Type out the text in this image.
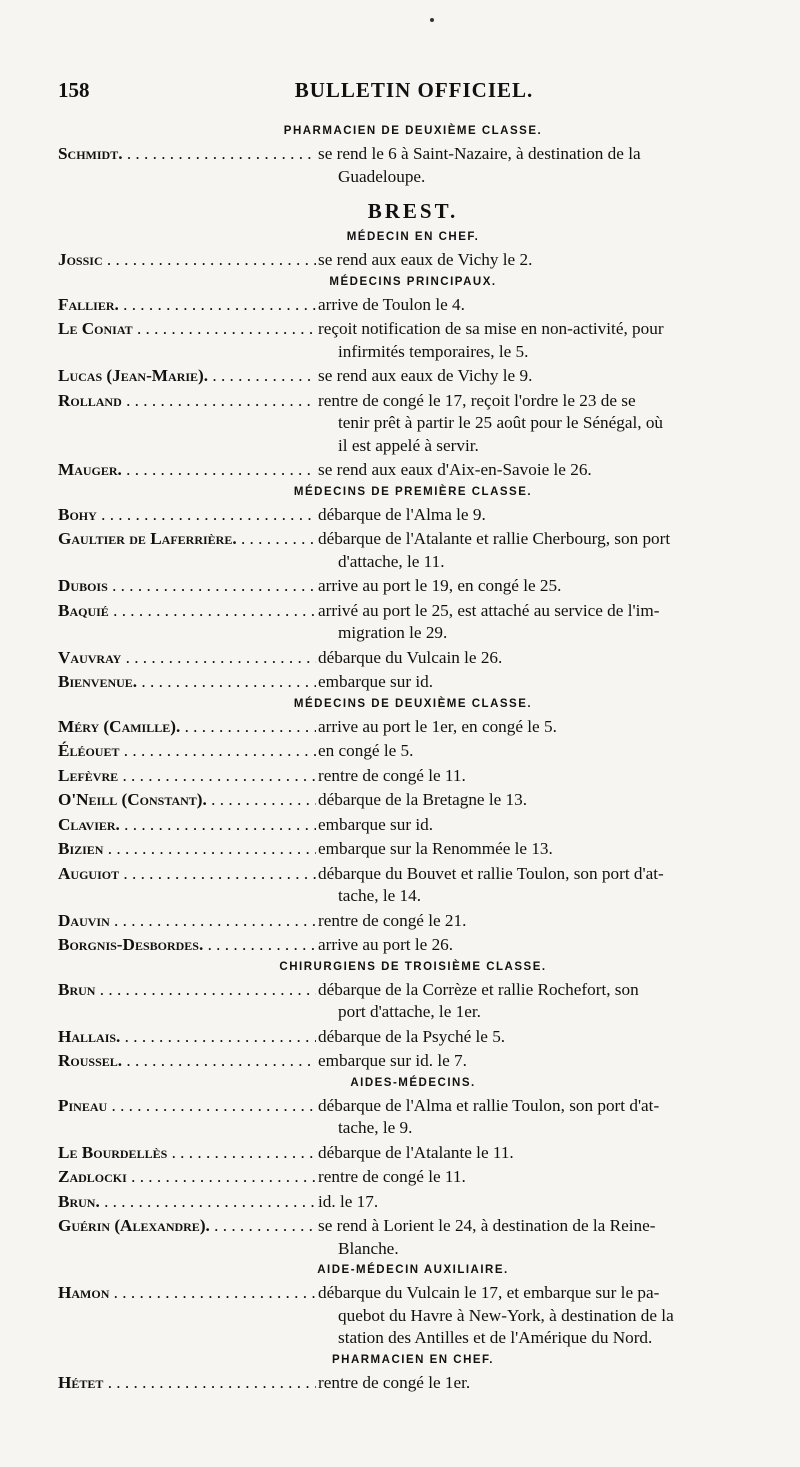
158	BULLETIN OFFICIEL.
PHARMACIEN DE DEUXIÈME CLASSE.
Schmidt. . . .	se rend le 6 à Saint-Nazaire, à destination de la

Guadeloupe.

BREST.
MÉDECIN EN CHEF.
Jossic . . .	se rend aux eaux de Vichy le 2.

MÉDECINS PRINCIPAUX.
Fallier. . . .	arrive de Toulon le 4.

Le Coniat . . .	reçoit notification de sa mise en non-activité, pour

infirmités temporaires, le 5.

Lucas (Jean-Marie). . . .	se rend aux eaux de Vichy le 9.

Rolland . . .	rentre de congé le 17, reçoit l'ordre le 23 de se

tenir prêt à partir le 25 août pour le Sénégal, où

il est appelé à servir.

Mauger. . . .	se rend aux eaux d'Aix-en-Savoie le 26.

MÉDECINS DE PREMIÈRE CLASSE.
Bohy . . .	débarque de l'Alma le 9.

Gaultier de Laferrière. . . .	débarque de l'Atalante et rallie Cherbourg, son port

d'attache, le 11.

Dubois . . .	arrive au port le 19, en congé le 25.

Baquié . . .	arrivé au port le 25, est attaché au service de l'im-

migration le 29.

Vauvray . . .	débarque du Vulcain le 26.

Bienvenue. . . .	embarque sur id.

MÉDECINS DE DEUXIÈME CLASSE.
Méry (Camille). . . .	arrive au port le 1er, en congé le 5.

Éléouet . . .	en congé le 5.

Lefèvre . . .	rentre de congé le 11.

O'Neill (Constant). . . .	débarque de la Bretagne le 13.

Clavier. . . .	embarque sur id.

Bizien . . .	embarque sur la Renommée le 13.

Auguiot . . .	débarque du Bouvet et rallie Toulon, son port d'at-

tache, le 14.

Dauvin . . .	rentre de congé le 21.

Borgnis-Desbordes. . . .	arrive au port le 26.

CHIRURGIENS DE TROISIÈME CLASSE.
Brun . . .	débarque de la Corrèze et rallie Rochefort, son

port d'attache, le 1er.

Hallais. . . .	débarque de la Psyché le 5.

Roussel. . . .	embarque sur id. le 7.

AIDES-MÉDECINS.
Pineau . . .	débarque de l'Alma et rallie Toulon, son port d'at-

tache, le 9.

Le Bourdellès . . .	débarque de l'Atalante le 11.

Zadlocki . . .	rentre de congé le 11.

Brun. . . .	id. le 17.

Guérin (Alexandre). . . .	se rend à Lorient le 24, à destination de la Reine-

Blanche.

AIDE-MÉDECIN AUXILIAIRE.
Hamon . . .	débarque du Vulcain le 17, et embarque sur le pa-

quebot du Havre à New-York, à destination de la

station des Antilles et de l'Amérique du Nord.

PHARMACIEN EN CHEF.
Hétet . . .	rentre de congé le 1er.
